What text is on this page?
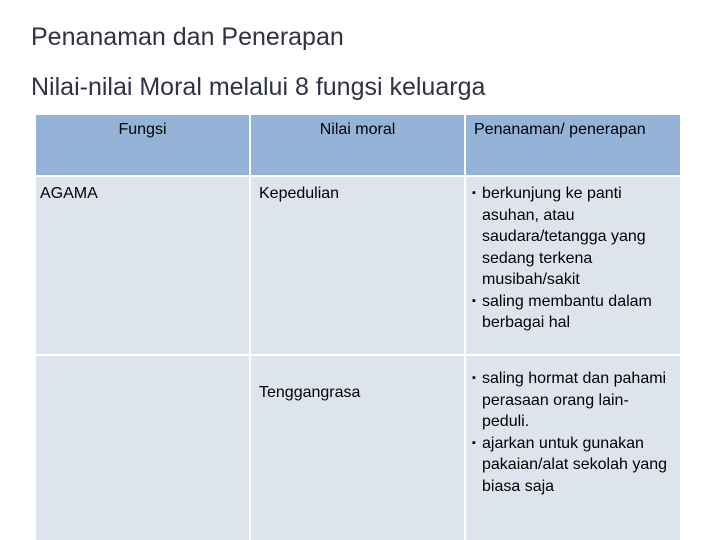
Penanaman dan Penerapan
Nilai-nilai Moral melalui 8 fungsi keluarga
Fungsi	Nilai moral	Penanaman/ penerapan
AGAMA	Kepedulian	▪ berkunjung ke panti asuhan, atau saudara/tetangga yang sedang terkena musibah/sakit
▪ saling membantu dalam berbagai hal

	Tenggangrasa	▪ saling hormat dan pahami perasaan orang lain- peduli.
▪ ajarkan untuk gunakan pakaian/alat sekolah yang biasa saja
